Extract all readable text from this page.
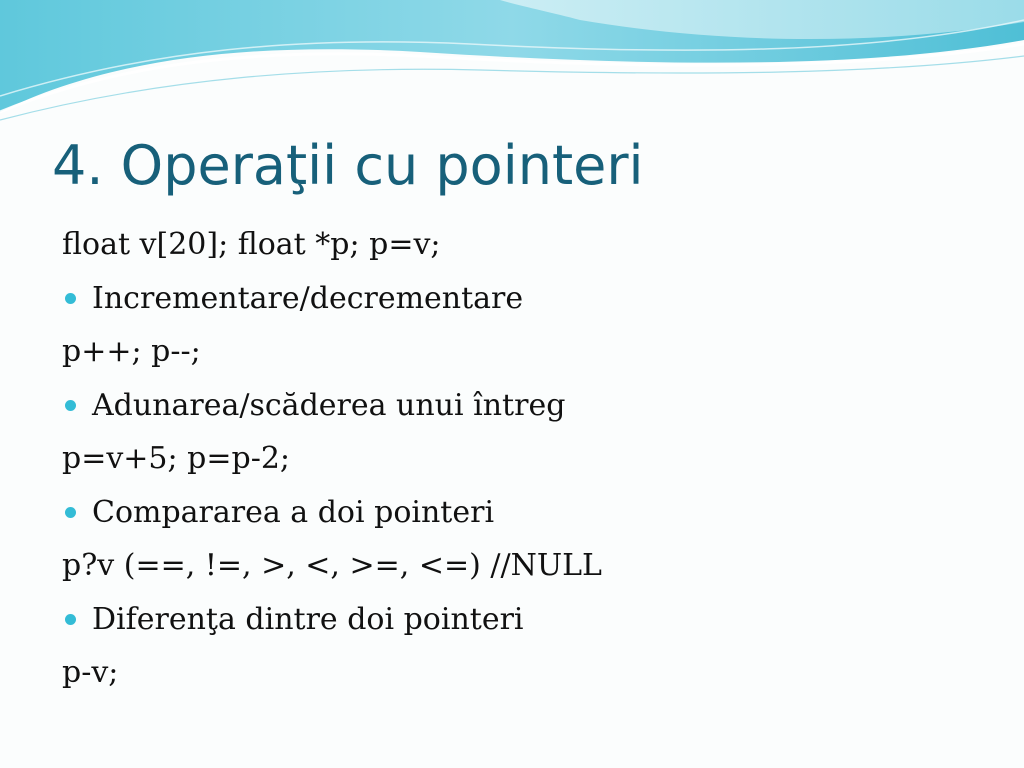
4. Operaţii cu pointeri
float v[20]; float *p; p=v;
Incrementare/decrementare
p++; p--;
Adunarea/scăderea unui întreg
p=v+5; p=p-2;
Compararea a doi pointeri
p?v (==, !=, >, <, >=, <=) //NULL
Diferenţa dintre doi pointeri
p-v;
